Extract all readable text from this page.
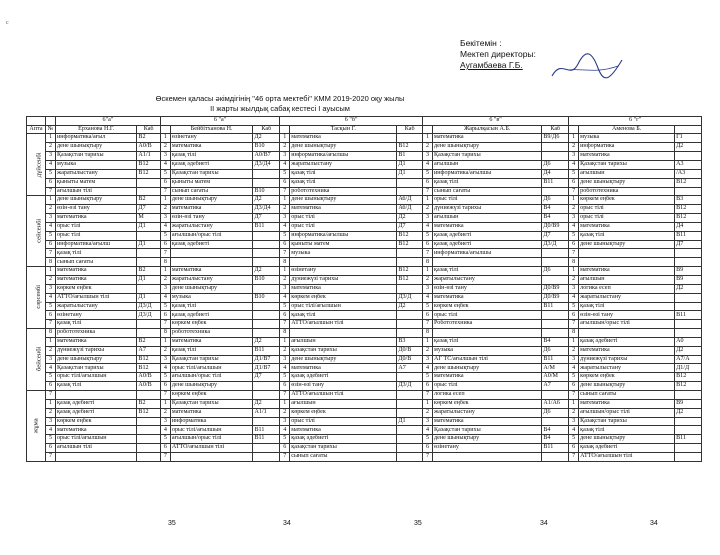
c
Бекітемін :
Мектеп директоры:
Аугамбаева Г.Б.
Өскемен қаласы әкімдігінің "46 орта мектебі" КММ 2019-2020 оқу жылы
ІІ жарты жылдық сабақ кестесі І ауысым
		6"а"		6 "а"			6 "б"			6 "в"			6 "г"		
Апта	№	Ерханова Н.Г.	Каб		Бейбітханова Н.	Каб		Тасқын Г.	Каб		Жарылқасын А.Б.	Каб		Аменова Б.	
дүйсенбі	1	информатика/ағыл	В2	1	өзінетану	Д2	1	математика		1	математика	В9/Д6	1	музыка	Г1
	2	дене шынықтыру	А0/В	2	математика	В10	2	дене шынықтыру	В12	2	дене шынықтыру		2	информатика	Д2
	3	Қазақстан тарихы	А1/1	3	қазақ тілі	А0/В7	3	информатика/ағылшы	В1	3	Қазақстан тарихы		3	математика	
	4	музыка	В12	4	қазақ әдебиеті	Д3/Д4	4	жаратылыстану	Д1	4	ағылшын	Д6	4	Қазақстан тарихы	А3
	5	жаратылыстану	В12	5	Қазақстан тарихы		5	қазақ тілі	Д1	5	информатика/ағылшы	Д4	5	ағылшын	/А3
	6	қыныты матем		6	қыныты матем		6	қазақ тілі		6	қазақ тілі	В11	6	дене шынықтыру	В12
	7	ағылшын тілі		7	сынып сағаты	В10	7	робототехника		7	сынып сағаты		7	робототехника	
сейсенбі	1	дене шынықтыру	В2	1	дене шынықтыру	Д2	1	дене шынықтыру	Аб/Д	1	орыс тілі	Д6	1	көркем еңбек	В3
	2	өзін-өзі тану	Д7	2	математика	Д3/Д4	2	математика	Аб/Д	2	дүниежүзі тарихы	В4	2	орыс тілі	В12
	3	математика	М	3	өзін-өзі тану	Д7	3	орыс тілі	Д2	3	ағылшын	В4	3	орыс тілі	В12
	4	орыс тілі	Д1	4	жаратылыстану	В11	4	орыс тілі	Д7	4	математика	Д0/В9	4	математика	Д4
	5	орыс тілі		5	ағылшын/орыс тілі		5	информатика/ағылшы	В12	5	қазақ әдебиеті	Д7	5	қазақ тілі	В11
	6	информатика/ағылш	Д1	6	қазақ әдебиеті		6	қыныты матем	В12	6	қазақ әдебиеті	Д3/Д	6	дене шынықтыру	Д7
	7	қазақ тілі		7			7	музыка		7	информатика/ағылшы		7		
	8	сынып сағаты		8			8			8			8		
сәрсенбі	1	математика	В2	1	математика	Д2	1	өзінетану	В12	1	қазақ тілі	Д6	1	математика	В9
	2	математика	Д1	2	жаратылыстану	В10	2	дүниежүзі тарихы	В12	2	жаратылыстану		2	ағылшын	В9
	3	көркем еңбек		3	дене шынықтыру		3	математика		3	өзін-өзі тану	Д0/В9	3	логика есеп	Д2
	4	АТТО/ағылшын тілі	Д1	4	музыка	В10	4	көркем еңбек	Д3/Д	4	математика	Д0/В9	4	жаратылыстану	
	5	жаратылыстану	Д3/Д	5	қазақ тілі		5	орыс тілі/ағылшын	Д2	5	көркем еңбек	В11	5	қазақ тілі	
	6	өзінетану	Д3/Д	6	қазақ әдебиеті		6	қазақ тілі		6	орыс тілі		6	өзін-өзі тану	В11
	7	қазақ тілі		7	көркем еңбек		7	АТТО/ағылшын тілі		7	Робототехника		7	ағылшын/орыс тілі	
бейсенбі	8	робототехника		8	робототехника		8			8			8		
	1	математика	В2	1	математика	Д2	1	ағылшын	В3	1	қазақ тілі	В4	1	қазақ әдебиеті	А0
	2	дүниежүзі тарихы	А7	2	қазақ тілі	В11	2	қазақстан тарихы	Д0/В	2	музыка	Д6	2	математика	Д2
	3	дене шынықтыру	В12	3	Қазақстан тарихы	Д1/В7	3	дене шынықтыру	Д0/В	3	АГ ТС/ағылшын тілі	В11	3	дүниежүзі тарихы	А7/А
	4	Қазақстан тарихы	В12	4	орыс тілі/ағылшын	Д1/В7	4	математика	А7	4	дене шынықтыру	А/М	4	жаратылыстану	Д1/Д
	5	орыс тілі/ағылшын	А0/В	5	ағылшын/орыс тілі	Д7	5	қазақ әдебиеті		5	математика	А0/М	5	көркем еңбек	В12
	6	қазақ тілі	А0/В	6	дене шынықтыру		6	өзін-өзі тану	Д3/Д	6	орыс тілі	А7	6	дене шынықтыру	В12
жұма	7			7	көркем еңбек		7	АТТО/ағылшын тілі		7	логика есеп		7	сынып сағаты	
	1	қазақ әдебиеті	В2	1	Қазақстан тарихы	Д2	1	ағылшын		1	көркем еңбек	А1/А6	1	математика	В9
	2	қазақ әдебиеті	В12	2	математика	А1/1	2	көркем еңбек		2	жаратылыстану	Д6	2	ағылшын/орыс тілі	Д2
	3	көркем еңбек		3	информатика		3	орыс тілі	Д1	3	математика		3	Қазақстан тарихы	
	4	математика		4	орыс тілі/ағылшын	В11	4	математика		4	Қазақстан тарихы	В4	4	қазақ тілі	
	5	орыс тілі/ағылшын		5	ағылшын/орыс тілі	В11	5	қазақ әдебиеті		5	дене шынықтыру	В4	5	дене шынықтыру	В11
	6	ағылшын тілі		6	АТТО/ағылшын тілі		6	қазақстан тарихы		6	өзінетану	В11	6	қазақ әдебиеті	
	7			7			7	сынып сағаты		7			7	АТТО/ағылшын тілі	
35	34	35	34	34
